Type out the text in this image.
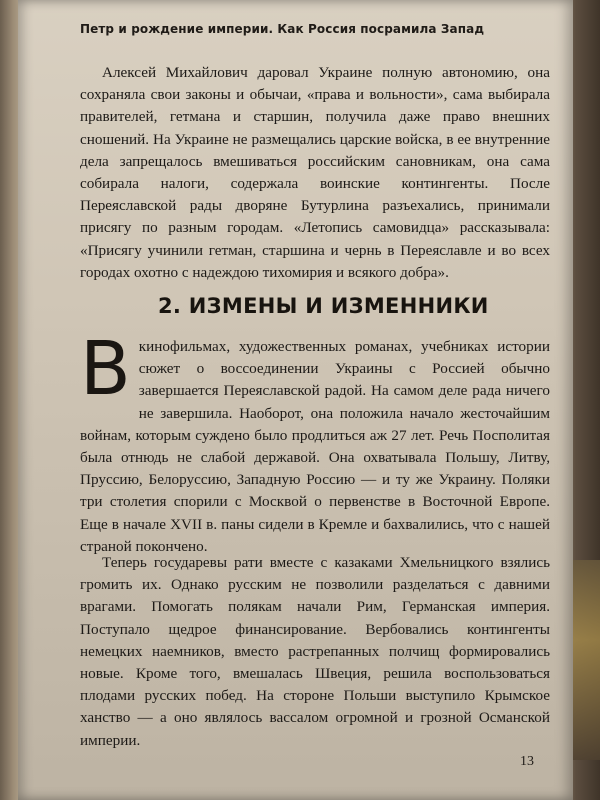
Петр и рождение империи. Как Россия посрамила Запад

Алексей Михайлович даровал Украине полную автономию, она сохраняла свои законы и обычаи, «права и вольности», сама выбирала правителей, гетмана и старшин, получила даже право внешних сношений. На Украине не размещались царские войска, в ее внутренние дела запрещалось вмешиваться российским сановникам, она сама собирала налоги, содержала воинские контингенты. После Переяславской рады дворяне Бутурлина разъехались, принимали присягу по разным городам. «Летопись самовидца» рассказывала: «Присягу учинили гетман, старшина и чернь в Переяславле и во всех городах охотно с надеждою тихомирия и всякого добра».

2. ИЗМЕНЫ И ИЗМЕННИКИ

Вкинофильмах, художественных романах, учебниках истории сюжет о воссоединении Украины с Россией обычно завершается Переяславской радой. На самом деле рада ничего не завершила. Наоборот, она положила начало жесточайшим войнам, которым суждено было продлиться аж 27 лет. Речь Посполитая была отнюдь не слабой державой. Она охватывала Польшу, Литву, Пруссию, Белоруссию, Западную Россию — и ту же Украину. Поляки три столетия спорили с Москвой о первенстве в Восточной Европе. Еще в начале XVII в. паны сидели в Кремле и бахвалились, что с нашей страной покончено.

Теперь государевы рати вместе с казаками Хмельницкого взялись громить их. Однако русским не позволили разделаться с давними врагами. Помогать полякам начали Рим, Германская империя. Поступало щедрое финансирование. Вербовались контингенты немецких наемников, вместо растрепанных полчищ формировались новые. Кроме того, вмешалась Швеция, решила воспользоваться плодами русских побед. На стороне Польши выступило Крымское ханство — а оно являлось вассалом огромной и грозной Османской империи.

13
